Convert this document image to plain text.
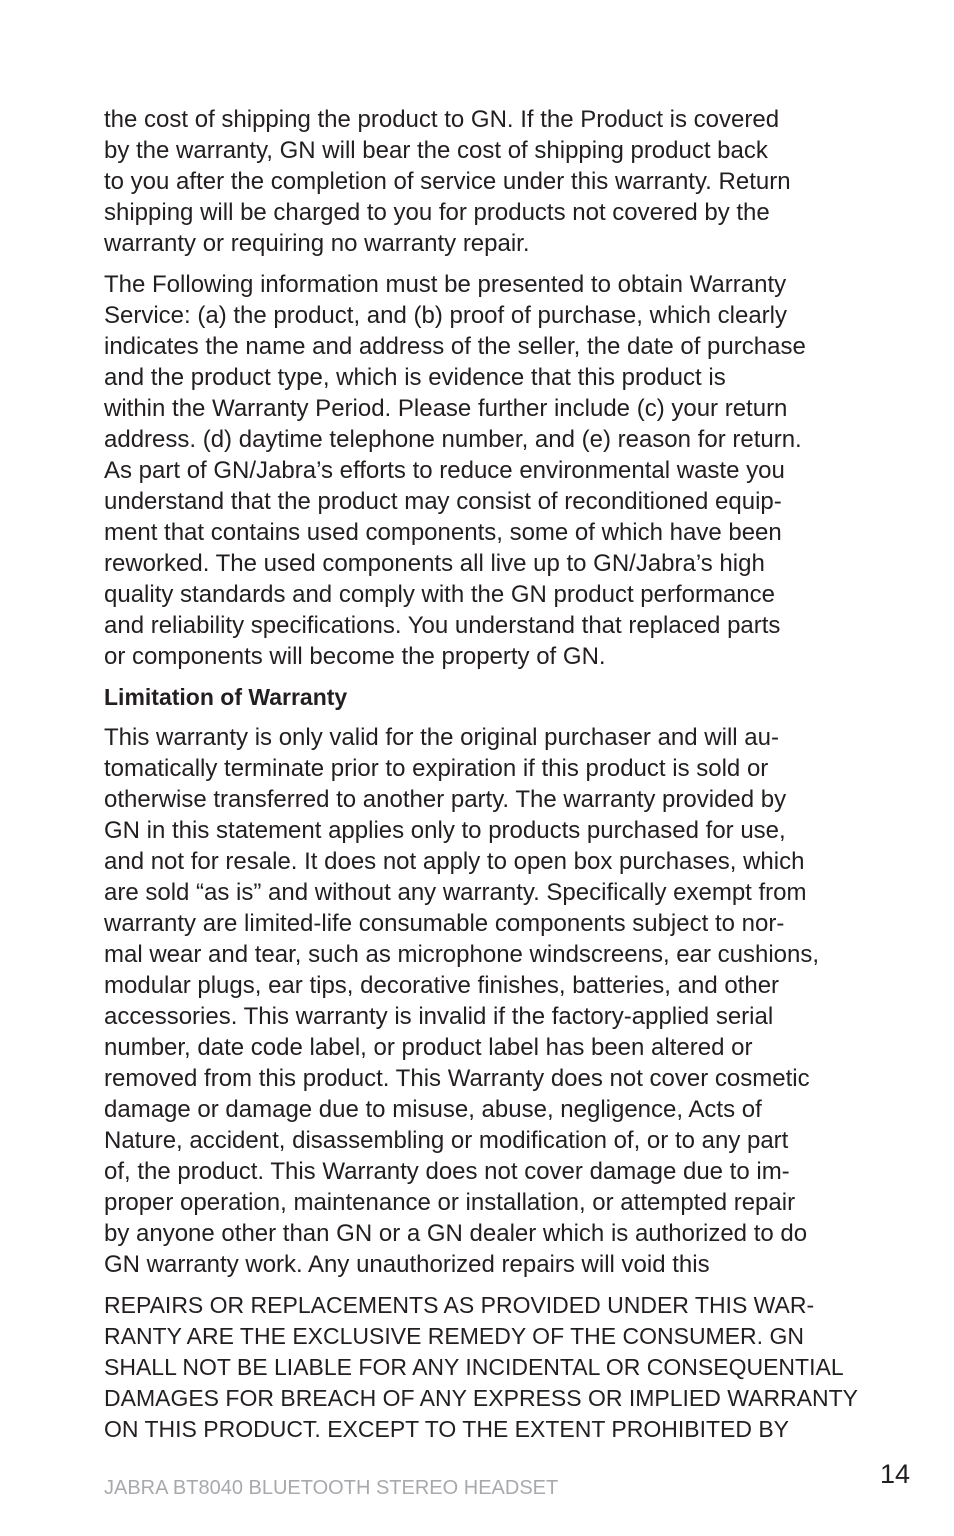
the cost of shipping the product to GN. If the Product is covered
by the warranty, GN will bear the cost of shipping product back
to you after the completion of service under this warranty. Return
shipping will be charged to you for products not covered by the
warranty or requiring no warranty repair.
The Following information must be presented to obtain Warranty
Service: (a) the product, and (b) proof of purchase, which clearly
indicates the name and address of the seller, the date of purchase
and the product type, which is evidence that this product is
within the Warranty Period. Please further include (c) your return
address. (d) daytime telephone number, and (e) reason for return.
As part of GN/Jabra’s efforts to reduce environmental waste you
understand that the product may consist of reconditioned equip-
ment that contains used components, some of which have been
reworked. The used components all live up to GN/Jabra’s high
quality standards and comply with the GN product performance
and reliability specifications. You understand that replaced parts
or components will become the property of GN.
Limitation of Warranty
This warranty is only valid for the original purchaser and will au-
tomatically terminate prior to expiration if this product is sold or
otherwise transferred to another party. The warranty provided by
GN in this statement applies only to products purchased for use,
and not for resale. It does not apply to open box purchases, which
are sold “as is” and without any warranty. Specifically exempt from
warranty are limited-life consumable components subject to nor-
mal wear and tear, such as microphone windscreens, ear cushions,
modular plugs, ear tips, decorative finishes, batteries, and other
accessories. This warranty is invalid if the factory-applied serial
number, date code label, or product label has been altered or
removed from this product. This Warranty does not cover cosmetic
damage or damage due to misuse, abuse, negligence, Acts of
Nature, accident, disassembling or modification of, or to any part
of, the product. This Warranty does not cover damage due to im-
proper operation, maintenance or installation, or attempted repair
by anyone other than GN or a GN dealer which is authorized to do
GN warranty work. Any unauthorized repairs will void this
REPAIRS OR REPLACEMENTS AS PROVIDED UNDER THIS WAR-
RANTY ARE THE EXCLUSIVE REMEDY OF THE CONSUMER. GN
SHALL NOT BE LIABLE FOR ANY INCIDENTAL OR CONSEQUENTIAL
DAMAGES FOR BREACH OF ANY EXPRESS OR IMPLIED WARRANTY
ON THIS PRODUCT. EXCEPT TO THE EXTENT PROHIBITED BY
JABRA BT8040 BLUETOOTH STEREO HEADSET	14
